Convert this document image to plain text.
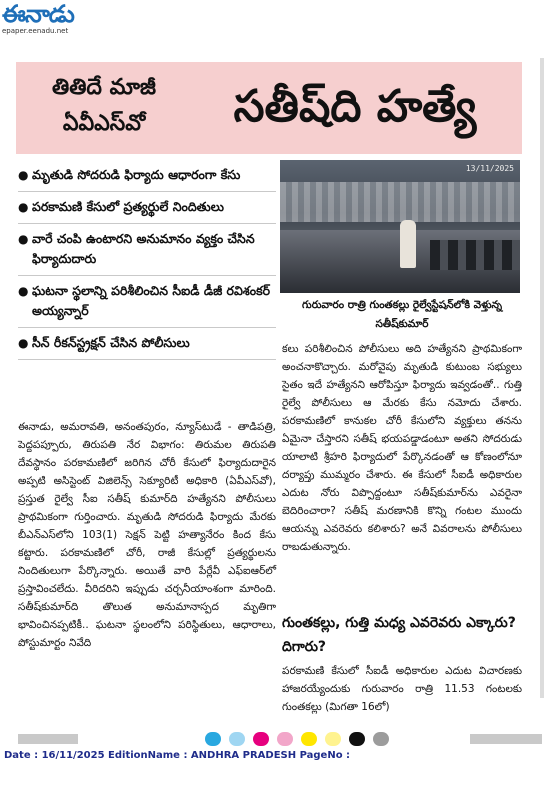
ఈనాడు
epaper.eenadu.net
తితిదే మాజీ ఏవీఎస్‌వో	సతీష్‌ది హత్యే
● మృతుడి సోదరుడి ఫిర్యాదు ఆధారంగా కేసు
● పరకామణి కేసులో ప్రత్యర్థులే నిందితులు
● వారే చంపి ఉంటారని అనుమానం వ్యక్తం చేసిన ఫిర్యాదుదారు
● ఘటనా స్థలాన్ని పరిశీలించిన సీఐడీ డీజీ రవిశంకర్ అయ్యన్నార్
● సీన్ రీకన్‌స్ట్రక్షన్ చేసిన పోలీసులు
13/11/2025
గురువారం రాత్రి గుంతకల్లు రైల్వేస్టేషన్‌లోకి వెళ్తున్న సతీష్‌కుమార్
ఈనాడు, అమరావతి, అనంతపురం, న్యూస్‌టుడే - తాడిపత్రి, పెద్దపప్పూరు, తిరుపతి నేర విభాగం: తిరుమల తిరుపతి దేవస్థానం పరకామణిలో జరిగిన చోరీ కేసులో ఫిర్యాదుదారైన అప్పటి అసిస్టెంట్ విజిలెన్స్ సెక్యూరిటీ అధికారి (ఏవీఎస్‌వో), ప్రస్తుత రైల్వే సీఐ సతీష్ కుమార్‌ది హత్యేనని పోలీసులు ప్రాథమికంగా గుర్తించారు. మృతుడి సోదరుడి ఫిర్యాదు మేరకు బీఎన్‌ఎస్‌లోని 103(1) సెక్షన్ పెట్టి హత్యానేరం కింద కేసు కట్టారు. పరకామణిలో చోరీ, రాజీ కేసుల్లో ప్రత్యర్థులను నిందితులుగా పేర్కొన్నారు. అయితే వారి పేర్లేవీ ఎఫ్ఐఆర్‌లో ప్రస్తావించలేదు. వీరిదరిని ఇప్పుడు చర్చనీయాంశంగా మారింది. సతీష్‌కుమార్‌ది తొలుత అనుమానాస్పద మృతిగా భావించినప్పటికీ.. ఘటనా స్థలంలోని పరిస్థితులు, ఆధారాలు, పోస్టుమార్టం నివేది
కలు పరిశీలించిన పోలీసులు అది హత్యేనని ప్రాథమికంగా అంచనాకొచ్చారు. మరోవైపు మృతుడి కుటుంబ సభ్యులు సైతం ఇదే హత్యేనని ఆరోపిస్తూ ఫిర్యాదు ఇవ్వడంతో.. గుత్తి రైల్వే పోలీసులు ఆ మేరకు కేసు నమోదు చేశారు. పరకామణిలో కానుకల చోరీ కేసులోని వ్యక్తులు తనను ఏమైనా చేస్తారని సతీష్ భయపడ్డాడంటూ అతని సోదరుడు యాలాటి శ్రీహరి ఫిర్యాదులో పేర్కొనడంతో ఆ కోణంలోనూ దర్యాప్తు ముమ్మరం చేశారు. ఈ కేసులో సీఐడీ అధికారుల ఎదుట నోరు విప్పొద్దంటూ సతీష్‌కుమార్‌ను ఎవరైనా బెదిరించారా? సతీష్ మరణానికి కొన్ని గంటల ముందు ఆయన్ను ఎవరెవరు కలిశారు? అనే వివరాలను పోలీసులు రాబడుతున్నారు.
గుంతకల్లు, గుత్తి మధ్య ఎవరెవరు ఎక్కారు? దిగారు?
పరకామణి కేసులో సీఐడీ అధికారుల ఎదుట విచారణకు హాజరయ్యేందుకు గురువారం రాత్రి 11.53 గంటలకు గుంతకల్లు (మిగతా 16లో)
Date : 16/11/2025 EditionName : ANDHRA PRADESH PageNo :
